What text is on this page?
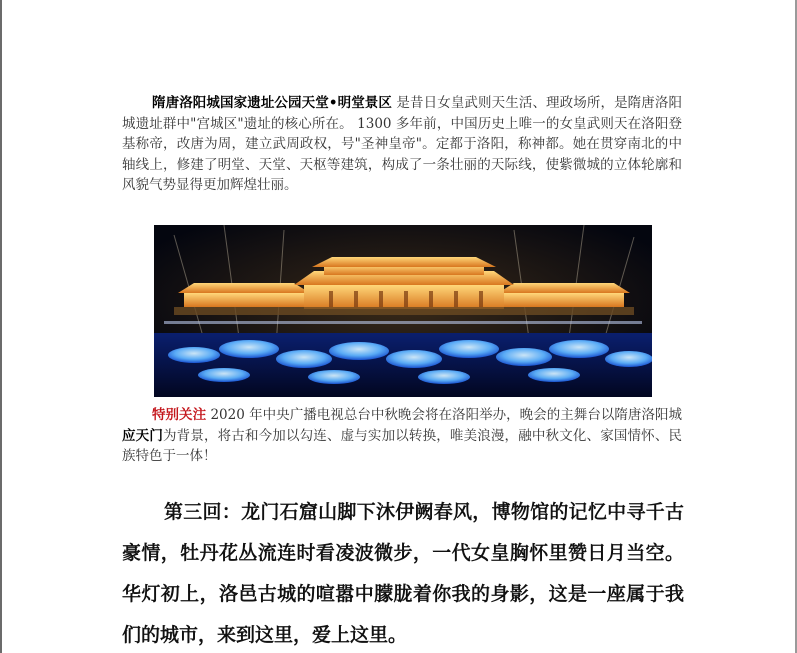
隋唐洛阳城国家遗址公园天堂•明堂景区 是昔日女皇武则天生活、理政场所，是隋唐洛阳城遗址群中"宫城区"遗址的核心所在。 1300 多年前，中国历史上唯一的女皇武则天在洛阳登基称帝，改唐为周，建立武周政权，号"圣神皇帝"。定都于洛阳，称神都。她在贯穿南北的中轴线上，修建了明堂、天堂、天枢等建筑，构成了一条壮丽的天际线，使紫微城的立体轮廓和风貌气势显得更加辉煌壮丽。

特别关注 2020 年中央广播电视总台中秋晚会将在洛阳举办，晚会的主舞台以隋唐洛阳城应天门为背景，将古和今加以勾连、虚与实加以转换，唯美浪漫，融中秋文化、家国情怀、民族特色于一体！

第三回：龙门石窟山脚下沐伊阙春风，博物馆的记忆中寻千古豪情，牡丹花丛流连时看凌波微步，一代女皇胸怀里赞日月当空。华灯初上，洛邑古城的喧嚣中朦胧着你我的身影，这是一座属于我们的城市，来到这里，爱上这里。
